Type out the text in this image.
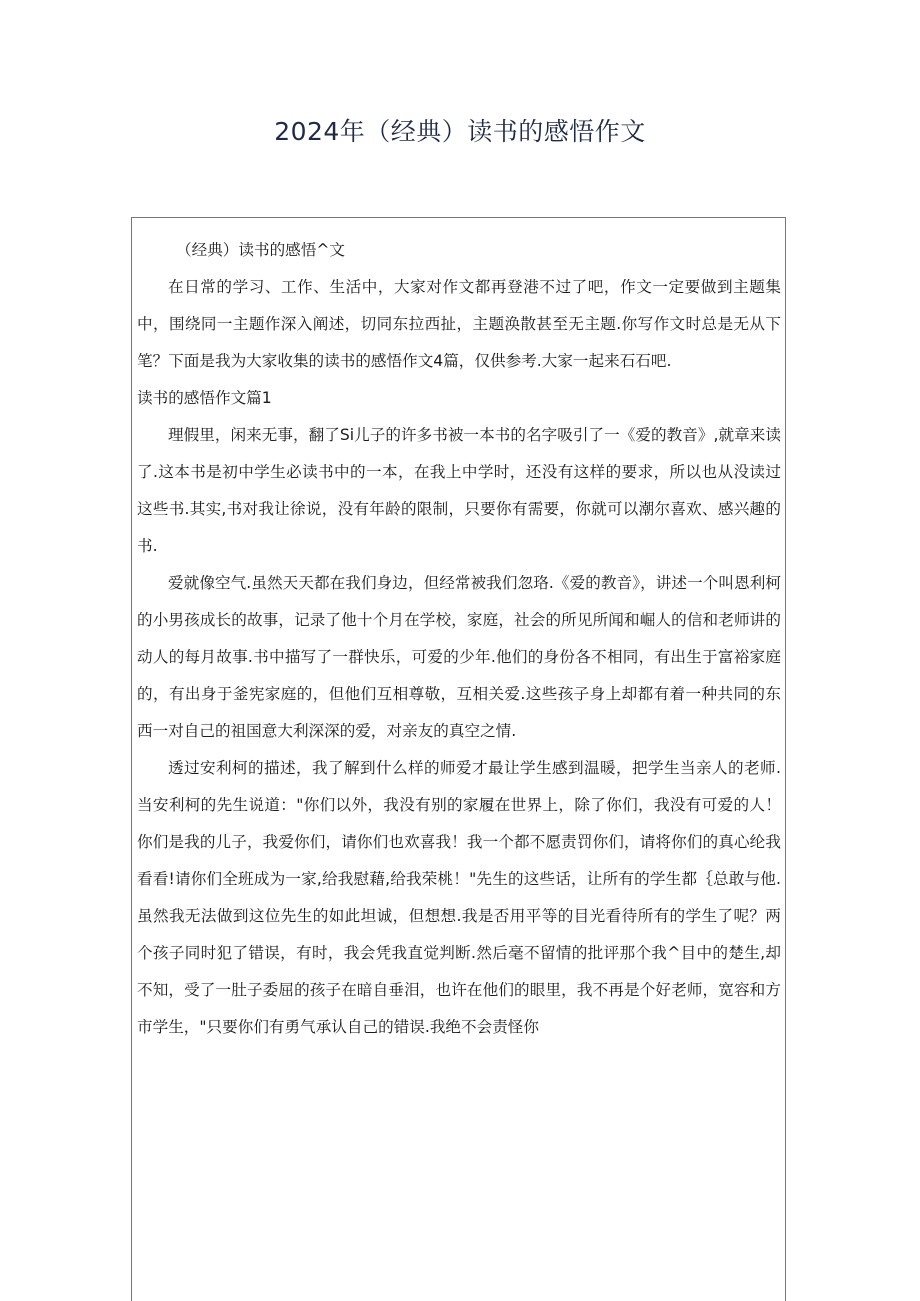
2024年（经典）读书的感悟作文

（经典）读书的感悟^文

在日常的学习、工作、生活中，大家对作文都再登港不过了吧，作文一定要做到主题集中，围绕同一主题作深入阐述，切同东拉西扯，主题涣散甚至无主题.你写作文时总是无从下笔？下面是我为大家收集的读书的感悟作文4篇，仅供参考.大家一起来石石吧.

读书的感悟作文篇1

理假里，闲来无事，翻了Si儿子的许多书被一本书的名字吸引了一《爱的教音》,就章来读了.这本书是初中学生必读书中的一本，在我上中学时，还没有这样的要求，所以也从没读过这些书.其实,书对我让徐说，没有年龄的限制，只要你有需要，你就可以潮尔喜欢、感兴趣的书.

爱就像空气.虽然天天都在我们身边，但经常被我们忽珞.《爱的教音》，讲述一个叫恩利柯的小男孩成长的故事，记录了他十个月在学校，家庭，社会的所见所闻和崛人的信和老师讲的动人的每月故事.书中描写了一群快乐，可爱的少年.他们的身份各不相同，有出生于富裕家庭的，有出身于釜宪家庭的，但他们互相尊敬，互相关爱.这些孩子身上却都有着一种共同的东西一对自己的祖国意大利深深的爱，对亲友的真空之情.

透过安利柯的描述，我了解到什么样的师爱才最让学生感到温暖，把学生当亲人的老师.当安利柯的先生说道："你们以外，我没有别的家履在世界上，除了你们，我没有可爱的人！你们是我的儿子，我爱你们，请你们也欢喜我！我一个都不愿责罚你们，请将你们的真心纶我看看!请你们全班成为一家,给我慰藉,给我荣桃！"先生的这些话，让所有的学生都｛总敢与他.虽然我无法做到这位先生的如此坦诚，但想想.我是否用平等的目光看待所有的学生了呢？两个孩子同时犯了错误，有时，我会凭我直觉判断.然后毫不留情的批评那个我^目中的楚生,却不知，受了一肚子委屈的孩子在暗自垂泪，也许在他们的眼里，我不再是个好老师，宽容和方市学生，"只要你们有勇气承认自己的错误.我绝不会责怪你
